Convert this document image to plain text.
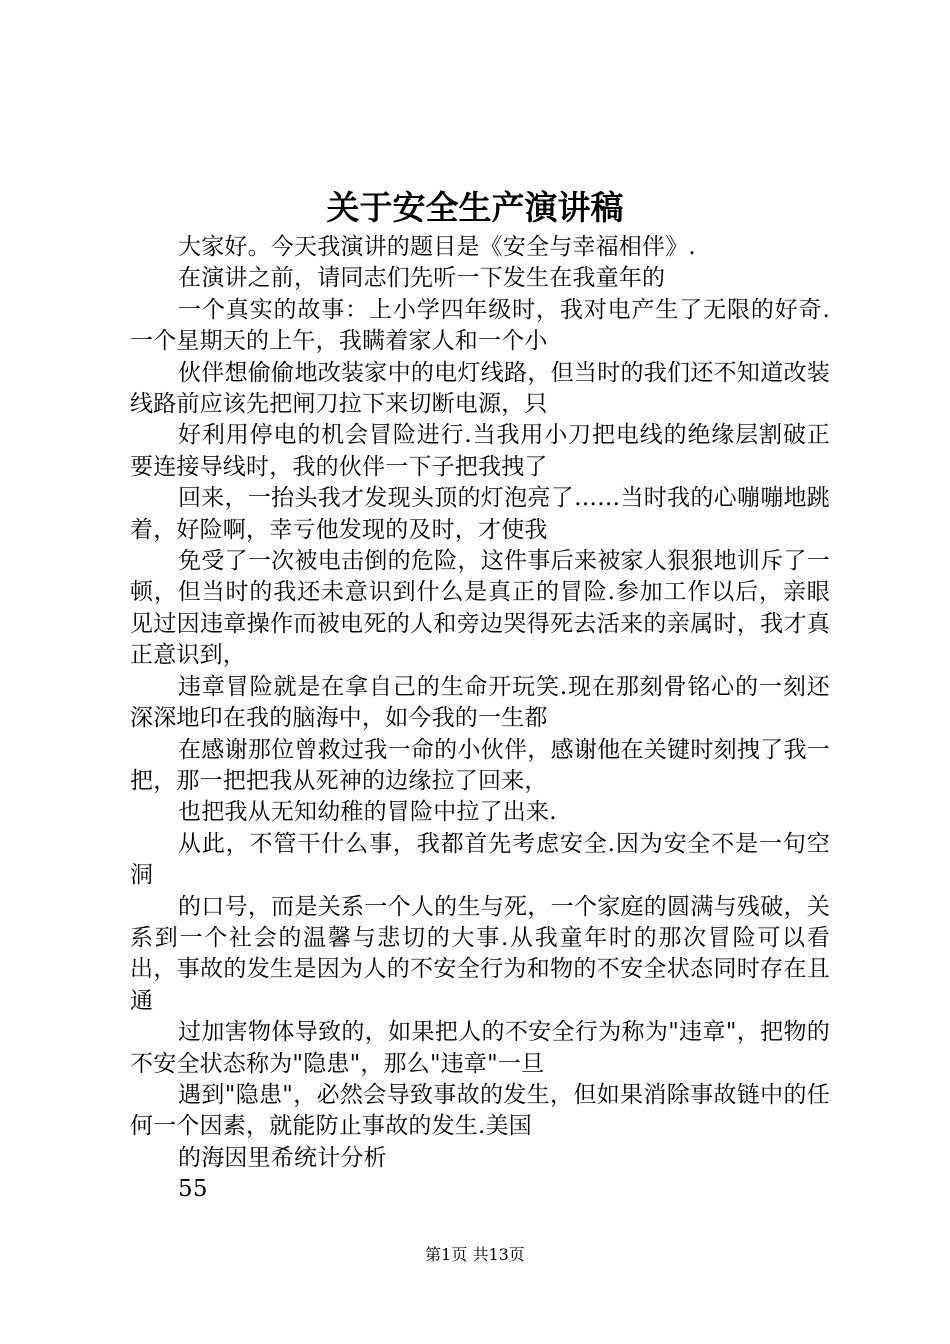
关于安全生产演讲稿

大家好。今天我演讲的题目是《安全与幸福相伴》.

在演讲之前，请同志们先听一下发生在我童年的

一个真实的故事：上小学四年级时，我对电产生了无限的好奇.一个星期天的上午，我瞒着家人和一个小

伙伴想偷偷地改装家中的电灯线路，但当时的我们还不知道改装线路前应该先把闸刀拉下来切断电源，只

好利用停电的机会冒险进行.当我用小刀把电线的绝缘层割破正要连接导线时，我的伙伴一下子把我拽了

回来，一抬头我才发现头顶的灯泡亮了……当时我的心嘣嘣地跳着，好险啊，幸亏他发现的及时，才使我

免受了一次被电击倒的危险，这件事后来被家人狠狠地训斥了一顿，但当时的我还未意识到什么是真正的冒险.参加工作以后，亲眼见过因违章操作而被电死的人和旁边哭得死去活来的亲属时，我才真正意识到，

违章冒险就是在拿自己的生命开玩笑.现在那刻骨铭心的一刻还深深地印在我的脑海中，如今我的一生都

在感谢那位曾救过我一命的小伙伴，感谢他在关键时刻拽了我一把，那一把把我从死神的边缘拉了回来，

也把我从无知幼稚的冒险中拉了出来.

从此，不管干什么事，我都首先考虑安全.因为安全不是一句空洞

的口号，而是关系一个人的生与死，一个家庭的圆满与残破，关系到一个社会的温馨与悲切的大事.从我童年时的那次冒险可以看出，事故的发生是因为人的不安全行为和物的不安全状态同时存在且通

过加害物体导致的，如果把人的不安全行为称为"违章"，把物的不安全状态称为"隐患"，那么"违章"一旦

遇到"隐患"，必然会导致事故的发生，但如果消除事故链中的任何一个因素，就能防止事故的发生.美国

的海因里希统计分析

55

第1页 共13页
